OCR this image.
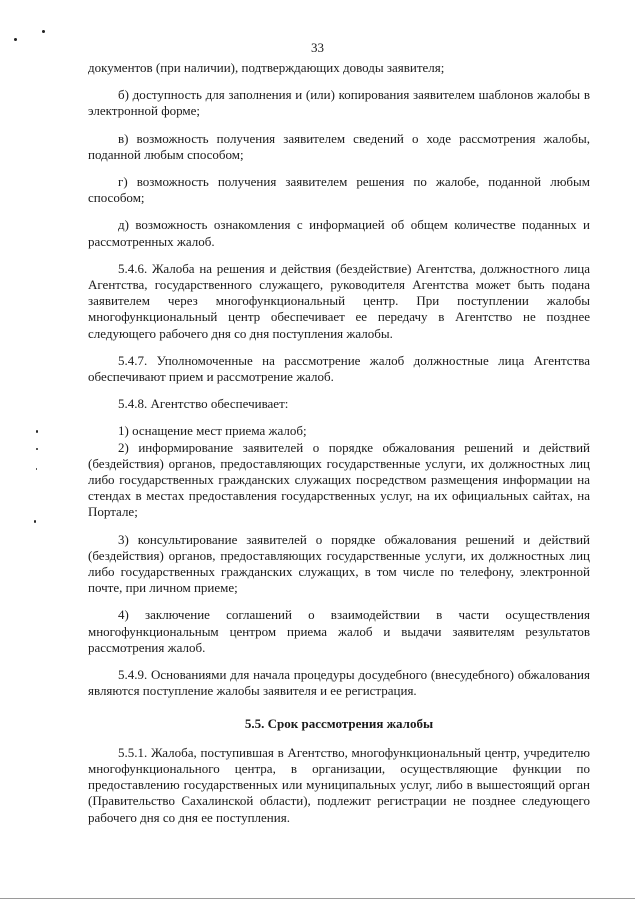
33

документов (при наличии), подтверждающих доводы заявителя;

б) доступность для заполнения и (или) копирования заявителем шаблонов жалобы в электронной форме;

в) возможность получения заявителем сведений о ходе рассмотрения жалобы, поданной любым способом;

г) возможность получения заявителем решения по жалобе, поданной любым способом;

д) возможность ознакомления с информацией об общем количестве поданных и рассмотренных жалоб.

5.4.6. Жалоба на решения и действия (бездействие) Агентства, должностного лица Агентства, государственного служащего, руководителя Агентства может быть подана заявителем через многофункциональный центр. При поступлении жалобы многофункциональный центр обеспечивает ее передачу в Агентство не позднее следующего рабочего дня со дня поступления жалобы.

5.4.7. Уполномоченные на рассмотрение жалоб должностные лица Агентства обеспечивают прием и рассмотрение жалоб.

5.4.8. Агентство обеспечивает:

1) оснащение мест приема жалоб;

2) информирование заявителей о порядке обжалования решений и действий (бездействия) органов, предоставляющих государственные услуги, их должностных лиц либо государственных гражданских служащих посредством размещения информации на стендах в местах предоставления государственных услуг, на их официальных сайтах, на Портале;

3) консультирование заявителей о порядке обжалования решений и действий (бездействия) органов, предоставляющих государственные услуги, их должностных лиц либо государственных гражданских служащих, в том числе по телефону, электронной почте, при личном приеме;

4) заключение соглашений о взаимодействии в части осуществления многофункциональным центром приема жалоб и выдачи заявителям результатов рассмотрения жалоб.

5.4.9. Основаниями для начала процедуры досудебного (внесудебного) обжалования являются поступление жалобы заявителя и ее регистрация.

5.5. Срок рассмотрения жалобы

5.5.1. Жалоба, поступившая в Агентство, многофункциональный центр, учредителю многофункционального центра, в организации, осуществляющие функции по предоставлению государственных или муниципальных услуг, либо в вышестоящий орган (Правительство Сахалинской области), подлежит регистрации не позднее следующего рабочего дня со дня ее поступления.
